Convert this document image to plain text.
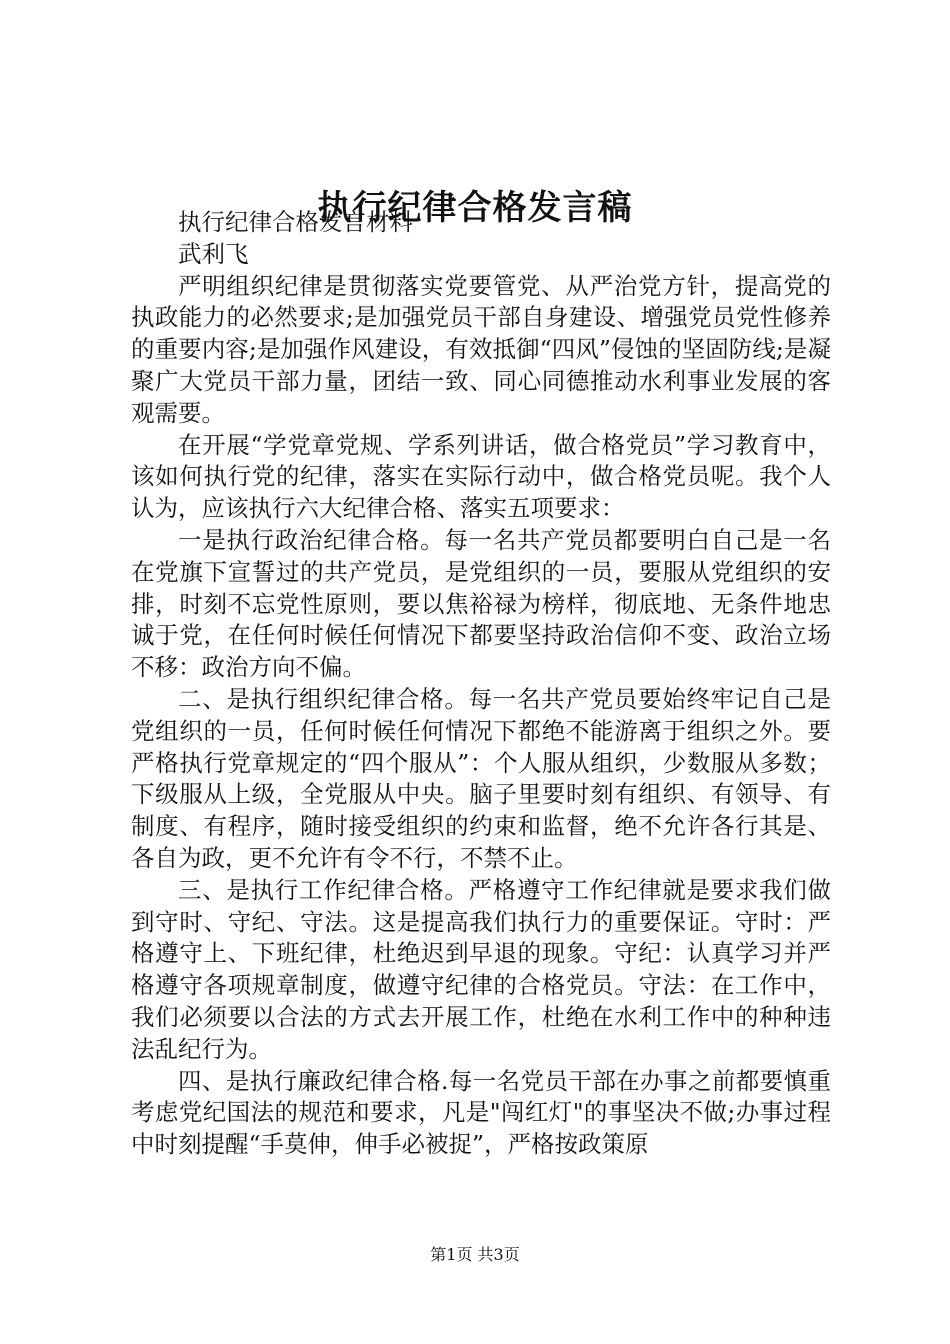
执行纪律合格发言稿

执行纪律合格发言材料

武利飞

严明组织纪律是贯彻落实党要管党、从严治党方针，提高党的执政能力的必然要求;是加强党员干部自身建设、增强党员党性修养的重要内容;是加强作风建设，有效抵御“四风”侵蚀的坚固防线;是凝聚广大党员干部力量，团结一致、同心同德推动水利事业发展的客观需要。

在开展“学党章党规、学系列讲话，做合格党员”学习教育中，该如何执行党的纪律，落实在实际行动中，做合格党员呢。我个人认为，应该执行六大纪律合格、落实五项要求：

一是执行政治纪律合格。每一名共产党员都要明白自己是一名在党旗下宣誓过的共产党员，是党组织的一员，要服从党组织的安排，时刻不忘党性原则，要以焦裕禄为榜样，彻底地、无条件地忠诚于党，在任何时候任何情况下都要坚持政治信仰不变、政治立场不移：政治方向不偏。

二、是执行组织纪律合格。每一名共产党员要始终牢记自己是党组织的一员，任何时候任何情况下都绝不能游离于组织之外。要严格执行党章规定的“四个服从”：个人服从组织，少数服从多数；下级服从上级，全党服从中央。脑子里要时刻有组织、有领导、有制度、有程序，随时接受组织的约束和监督，绝不允许各行其是、各自为政，更不允许有令不行，不禁不止。

三、是执行工作纪律合格。严格遵守工作纪律就是要求我们做到守时、守纪、守法。这是提高我们执行力的重要保证。守时：严格遵守上、下班纪律，杜绝迟到早退的现象。守纪：认真学习并严格遵守各项规章制度，做遵守纪律的合格党员。守法：在工作中，我们必须要以合法的方式去开展工作，杜绝在水利工作中的种种违法乱纪行为。

四、是执行廉政纪律合格.每一名党员干部在办事之前都要慎重考虑党纪国法的规范和要求，凡是"闯红灯"的事坚决不做;办事过程中时刻提醒“手莫伸，伸手必被捉”，严格按政策原

第1页 共3页
